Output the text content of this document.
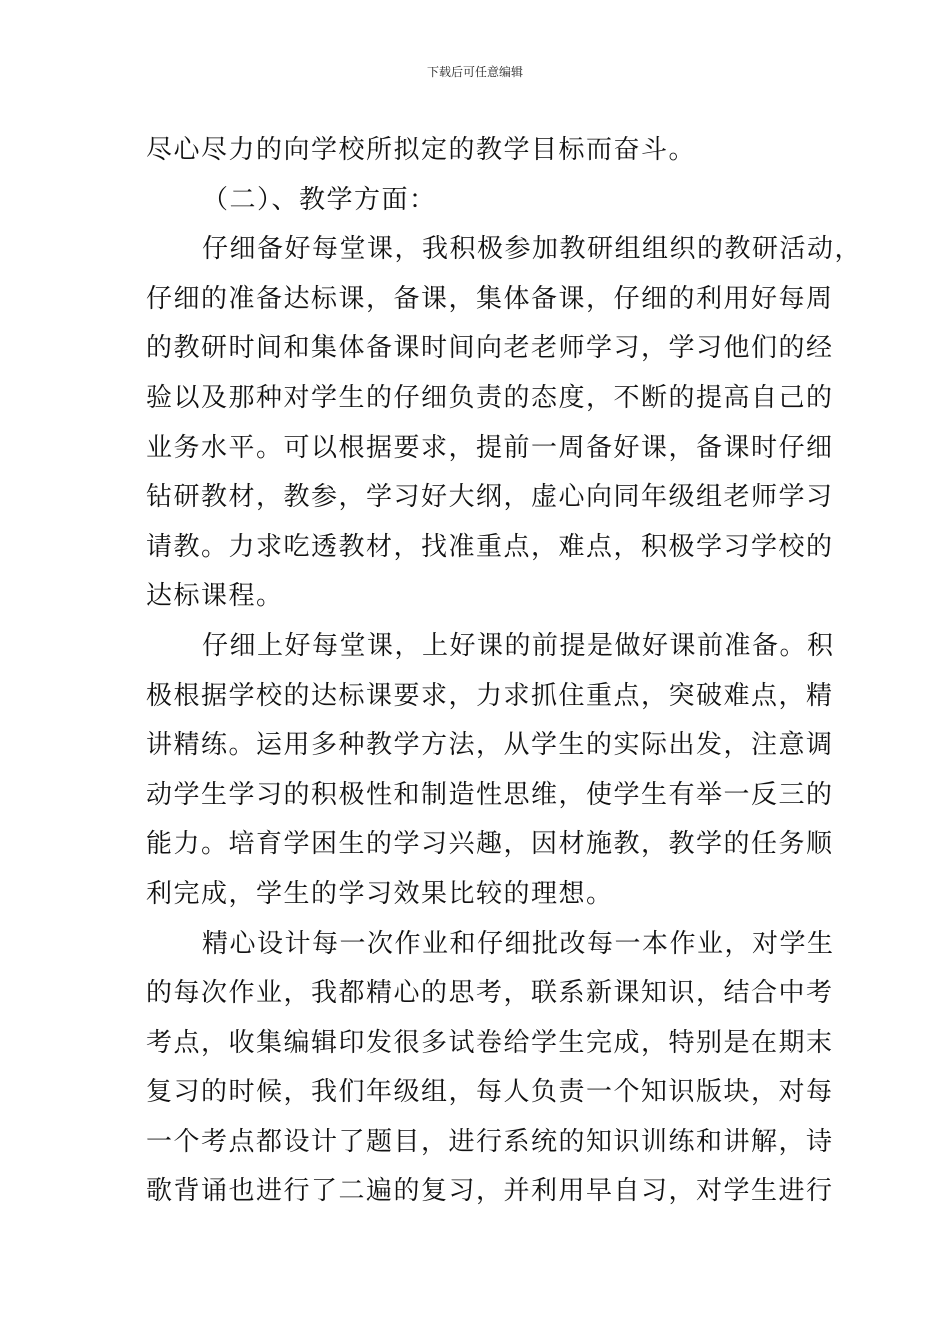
下载后可任意编辑
尽心尽力的向学校所拟定的教学目标而奋斗。
（二）、教学方面：
仔细备好每堂课，我积极参加教研组组织的教研活动，
仔细的准备达标课，备课，集体备课，仔细的利用好每周
的教研时间和集体备课时间向老老师学习，学习他们的经
验以及那种对学生的仔细负责的态度，不断的提高自己的
业务水平。可以根据要求，提前一周备好课，备课时仔细
钻研教材，教参，学习好大纲，虚心向同年级组老师学习
请教。力求吃透教材，找准重点，难点，积极学习学校的
达标课程。
仔细上好每堂课，上好课的前提是做好课前准备。积
极根据学校的达标课要求，力求抓住重点，突破难点，精
讲精练。运用多种教学方法，从学生的实际出发，注意调
动学生学习的积极性和制造性思维，使学生有举一反三的
能力。培育学困生的学习兴趣，因材施教，教学的任务顺
利完成，学生的学习效果比较的理想。
精心设计每一次作业和仔细批改每一本作业，对学生
的每次作业，我都精心的思考，联系新课知识，结合中考
考点，收集编辑印发很多试卷给学生完成，特别是在期末
复习的时候，我们年级组，每人负责一个知识版块，对每
一个考点都设计了题目，进行系统的知识训练和讲解，诗
歌背诵也进行了二遍的复习，并利用早自习，对学生进行
